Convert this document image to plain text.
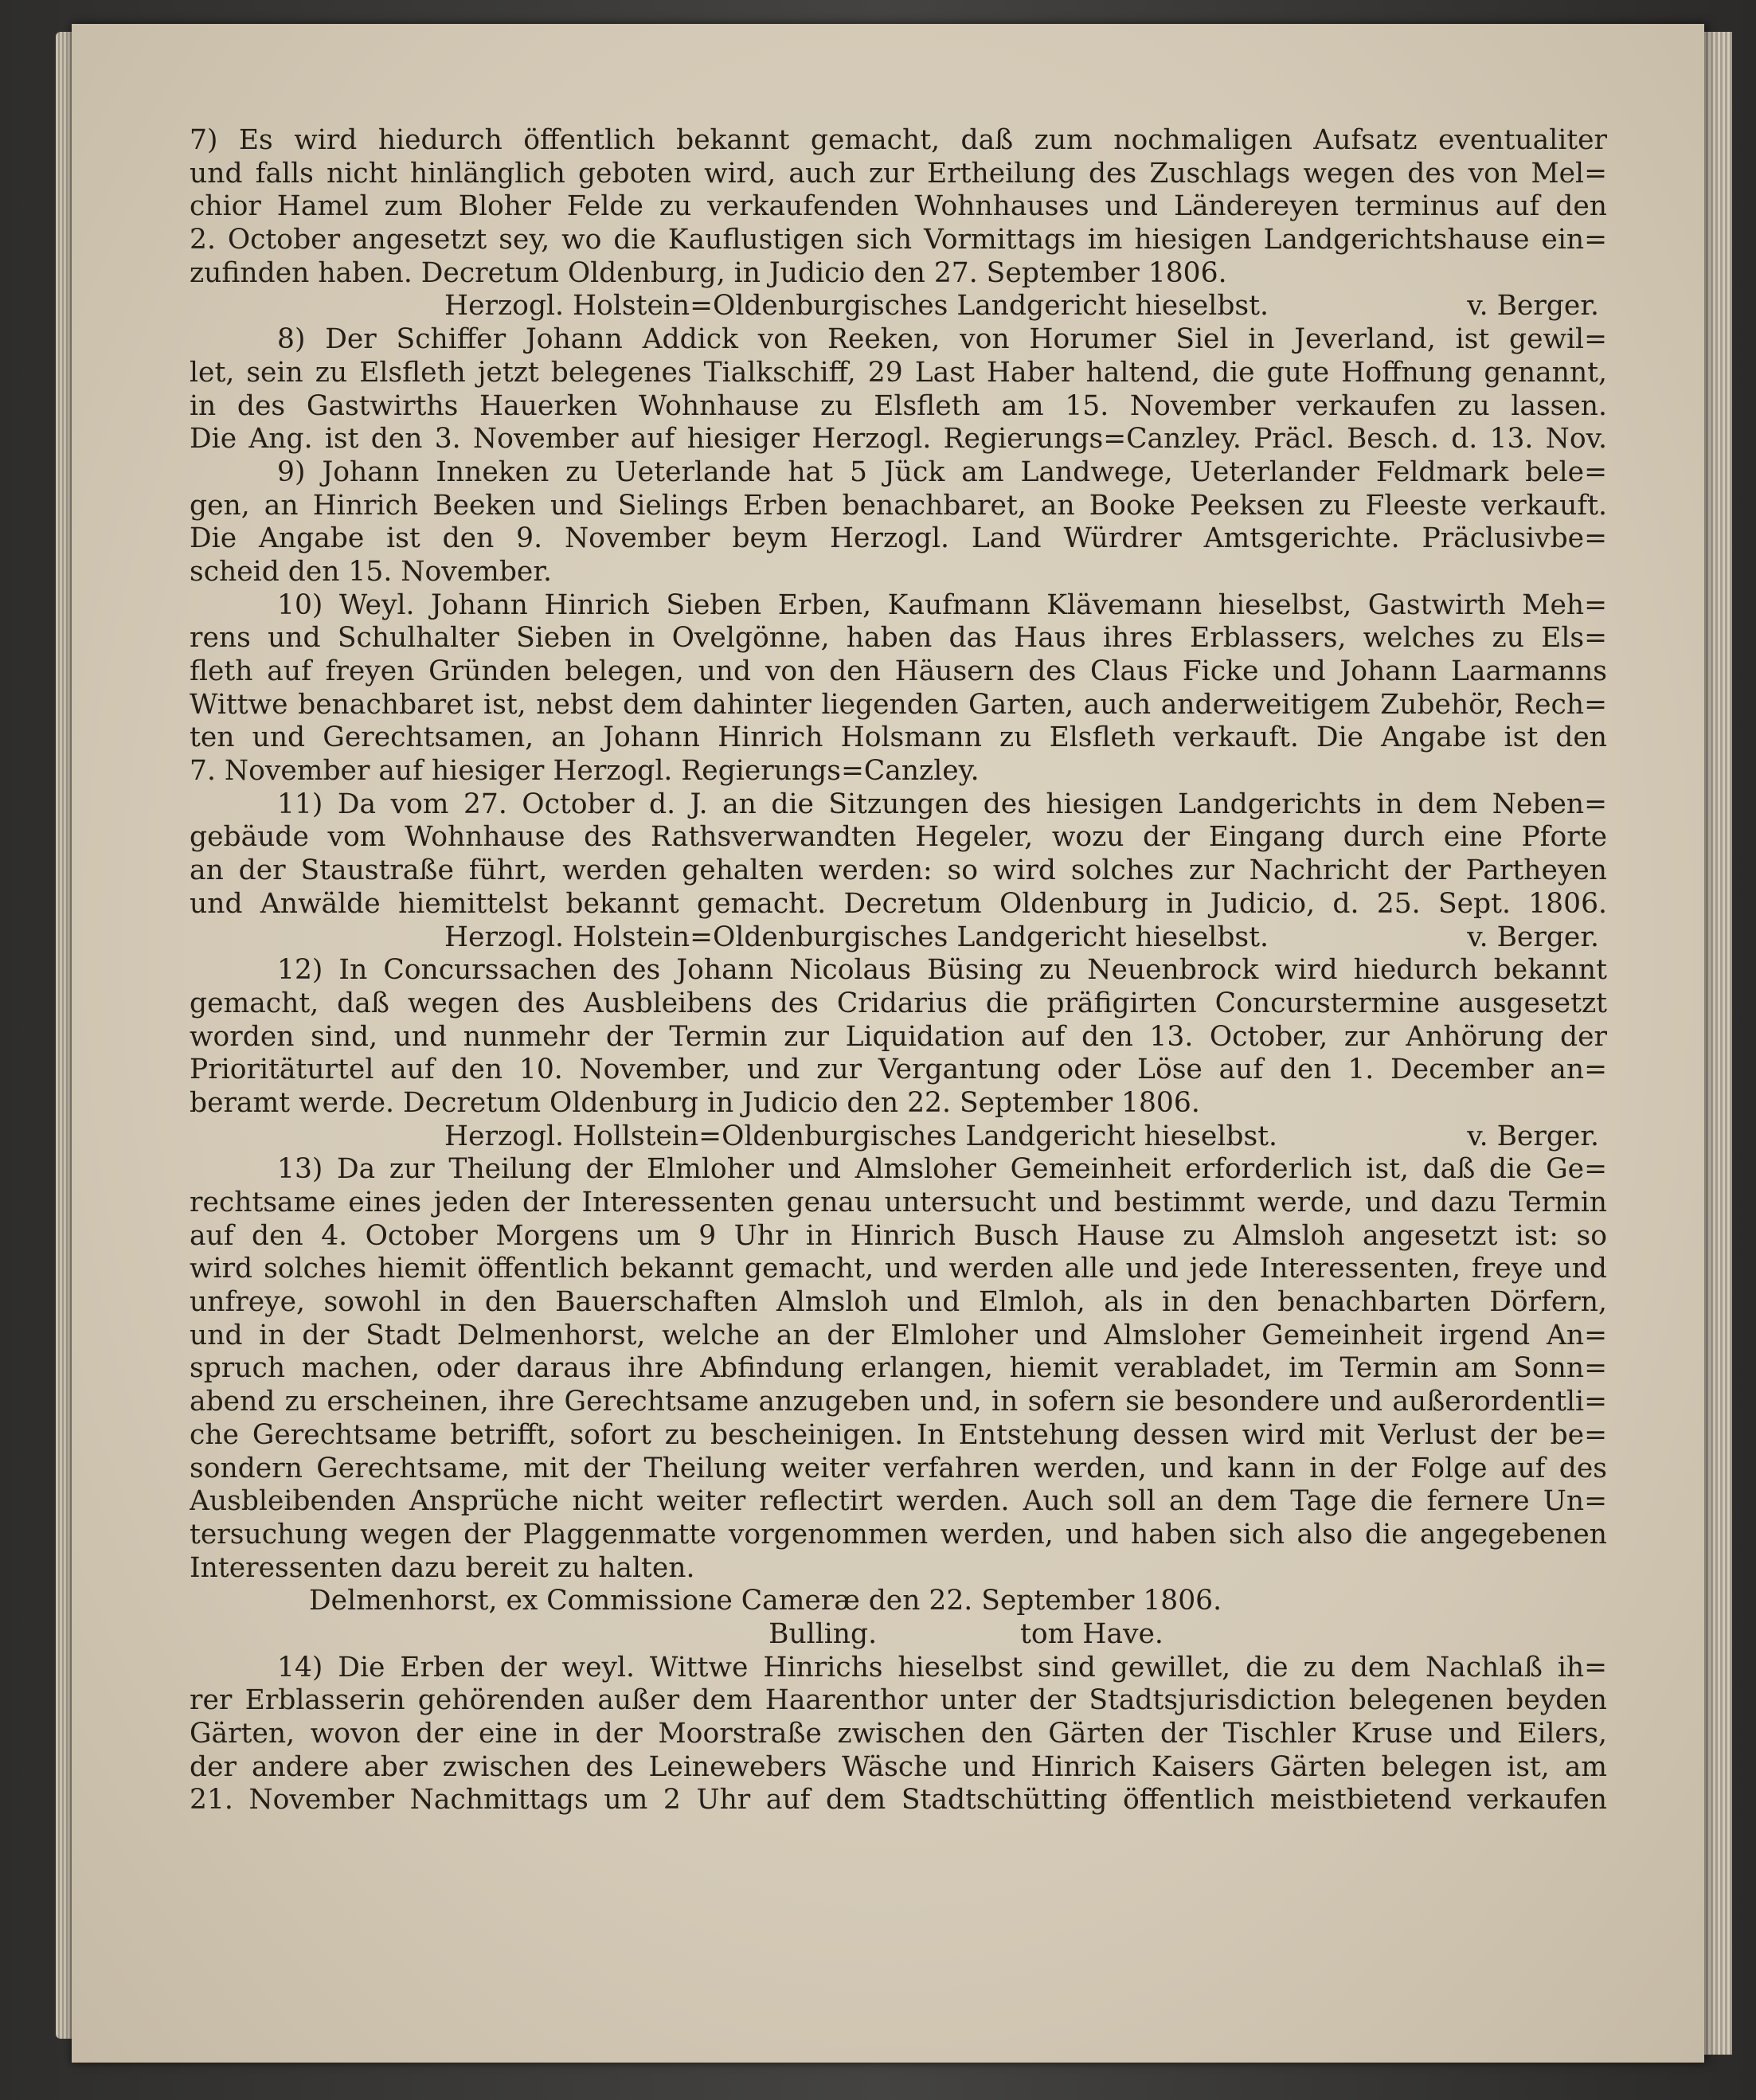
7) Es wird hiedurch öffentlich bekannt gemacht, daß zum nochmaligen Aufsatz eventualiter
und falls nicht hinlänglich geboten wird, auch zur Ertheilung des Zuschlags wegen des von Mel=
chior Hamel zum Bloher Felde zu verkaufenden Wohnhauses und Ländereyen terminus auf den
2. October angesetzt sey, wo die Kauflustigen sich Vormittags im hiesigen Landgerichtshause ein=
zufinden haben. Decretum Oldenburg, in Judicio den 27. September 1806.
Herzogl. Holstein=Oldenburgisches Landgericht hieselbst.	v. Berger.
8) Der Schiffer Johann Addick von Reeken, von Horumer Siel in Jeverland, ist gewil=
let, sein zu Elsfleth jetzt belegenes Tialkschiff, 29 Last Haber haltend, die gute Hoffnung genannt,
in des Gastwirths Hauerken Wohnhause zu Elsfleth am 15. November verkaufen zu lassen.
Die Ang. ist den 3. November auf hiesiger Herzogl. Regierungs=Canzley. Präcl. Besch. d. 13. Nov.
9) Johann Inneken zu Ueterlande hat 5 Jück am Landwege, Ueterlander Feldmark bele=
gen, an Hinrich Beeken und Sielings Erben benachbaret, an Booke Peeksen zu Fleeste verkauft.
Die Angabe ist den 9. November beym Herzogl. Land Würdrer Amtsgerichte. Präclusivbe=
scheid den 15. November.
10) Weyl. Johann Hinrich Sieben Erben, Kaufmann Klävemann hieselbst, Gastwirth Meh=
rens und Schulhalter Sieben in Ovelgönne, haben das Haus ihres Erblassers, welches zu Els=
fleth auf freyen Gründen belegen, und von den Häusern des Claus Ficke und Johann Laarmanns
Wittwe benachbaret ist, nebst dem dahinter liegenden Garten, auch anderweitigem Zubehör, Rech=
ten und Gerechtsamen, an Johann Hinrich Holsmann zu Elsfleth verkauft. Die Angabe ist den
7. November auf hiesiger Herzogl. Regierungs=Canzley.
11) Da vom 27. October d. J. an die Sitzungen des hiesigen Landgerichts in dem Neben=
gebäude vom Wohnhause des Rathsverwandten Hegeler, wozu der Eingang durch eine Pforte
an der Staustraße führt, werden gehalten werden: so wird solches zur Nachricht der Partheyen
und Anwälde hiemittelst bekannt gemacht. Decretum Oldenburg in Judicio, d. 25. Sept. 1806.
Herzogl. Holstein=Oldenburgisches Landgericht hieselbst.	v. Berger.
12) In Concurssachen des Johann Nicolaus Büsing zu Neuenbrock wird hiedurch bekannt
gemacht, daß wegen des Ausbleibens des Cridarius die präfigirten Concurstermine ausgesetzt
worden sind, und nunmehr der Termin zur Liquidation auf den 13. October, zur Anhörung der
Prioritäturtel auf den 10. November, und zur Vergantung oder Löse auf den 1. December an=
beramt werde. Decretum Oldenburg in Judicio den 22. September 1806.
Herzogl. Hollstein=Oldenburgisches Landgericht hieselbst.	v. Berger.
13) Da zur Theilung der Elmloher und Almsloher Gemeinheit erforderlich ist, daß die Ge=
rechtsame eines jeden der Interessenten genau untersucht und bestimmt werde, und dazu Termin
auf den 4. October Morgens um 9 Uhr in Hinrich Busch Hause zu Almsloh angesetzt ist: so
wird solches hiemit öffentlich bekannt gemacht, und werden alle und jede Interessenten, freye und
unfreye, sowohl in den Bauerschaften Almsloh und Elmloh, als in den benachbarten Dörfern,
und in der Stadt Delmenhorst, welche an der Elmloher und Almsloher Gemeinheit irgend An=
spruch machen, oder daraus ihre Abfindung erlangen, hiemit verabladet, im Termin am Sonn=
abend zu erscheinen, ihre Gerechtsame anzugeben und, in sofern sie besondere und außerordentli=
che Gerechtsame betrifft, sofort zu bescheinigen. In Entstehung dessen wird mit Verlust der be=
sondern Gerechtsame, mit der Theilung weiter verfahren werden, und kann in der Folge auf des
Ausbleibenden Ansprüche nicht weiter reflectirt werden. Auch soll an dem Tage die fernere Un=
tersuchung wegen der Plaggenmatte vorgenommen werden, und haben sich also die angegebenen
Interessenten dazu bereit zu halten.
Delmenhorst, ex Commissione Cameræ den 22. September 1806.
Bulling.	tom Have.
14) Die Erben der weyl. Wittwe Hinrichs hieselbst sind gewillet, die zu dem Nachlaß ih=
rer Erblasserin gehörenden außer dem Haarenthor unter der Stadtsjurisdiction belegenen beyden
Gärten, wovon der eine in der Moorstraße zwischen den Gärten der Tischler Kruse und Eilers,
der andere aber zwischen des Leinewebers Wäsche und Hinrich Kaisers Gärten belegen ist, am
21. November Nachmittags um 2 Uhr auf dem Stadtschütting öffentlich meistbietend verkaufen
